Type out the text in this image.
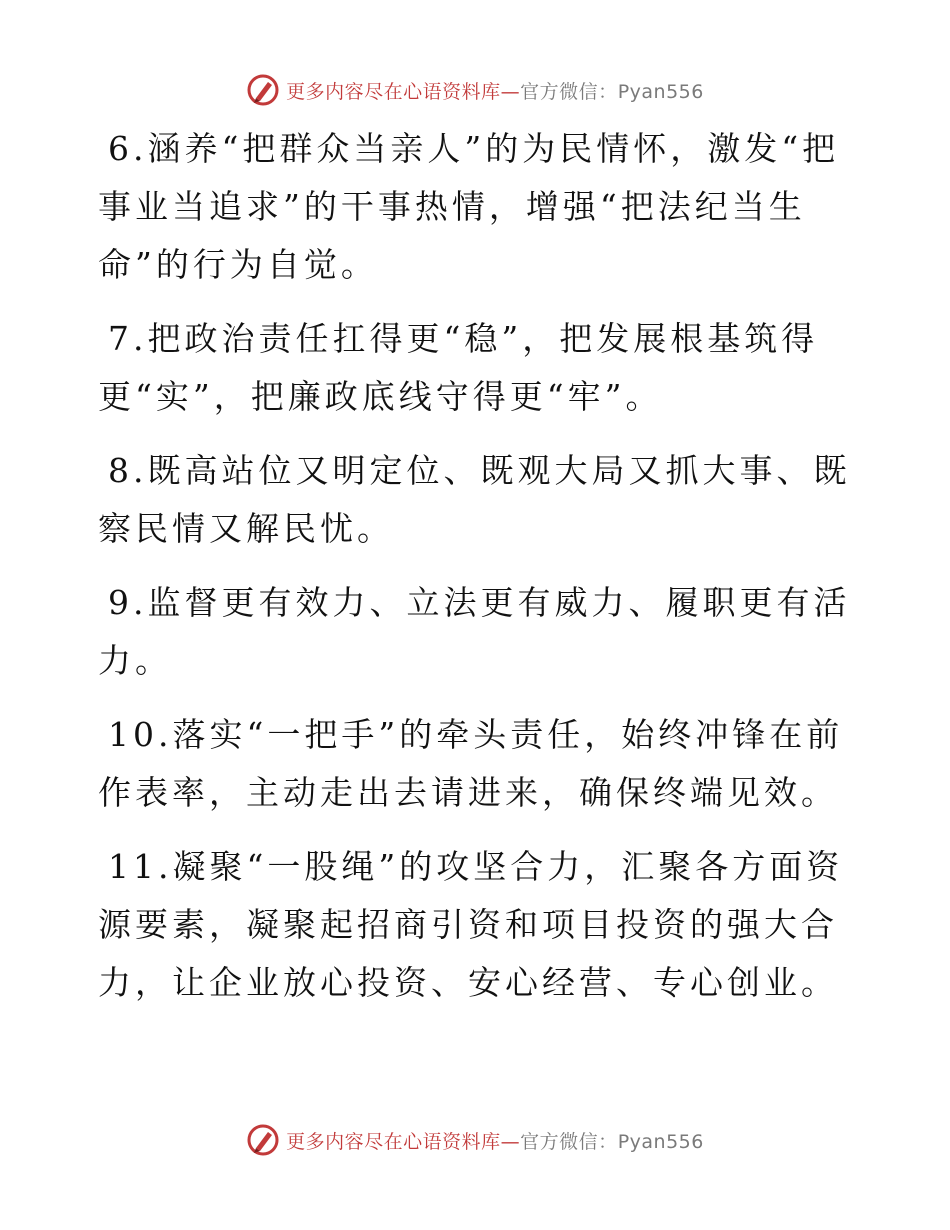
更多内容尽在心语资料库—官方微信：Pyan556

6.涵养“把群众当亲人”的为民情怀，激发“把事业当追求”的干事热情，增强“把法纪当生命”的行为自觉。

7.把政治责任扛得更“稳”，把发展根基筑得更“实”，把廉政底线守得更“牢”。

8.既高站位又明定位、既观大局又抓大事、既察民情又解民忧。

9.监督更有效力、立法更有威力、履职更有活力。

10.落实“一把手”的牵头责任，始终冲锋在前作表率，主动走出去请进来，确保终端见效。

11.凝聚“一股绳”的攻坚合力，汇聚各方面资源要素，凝聚起招商引资和项目投资的强大合力，让企业放心投资、安心经营、专心创业。

更多内容尽在心语资料库—官方微信：Pyan556
